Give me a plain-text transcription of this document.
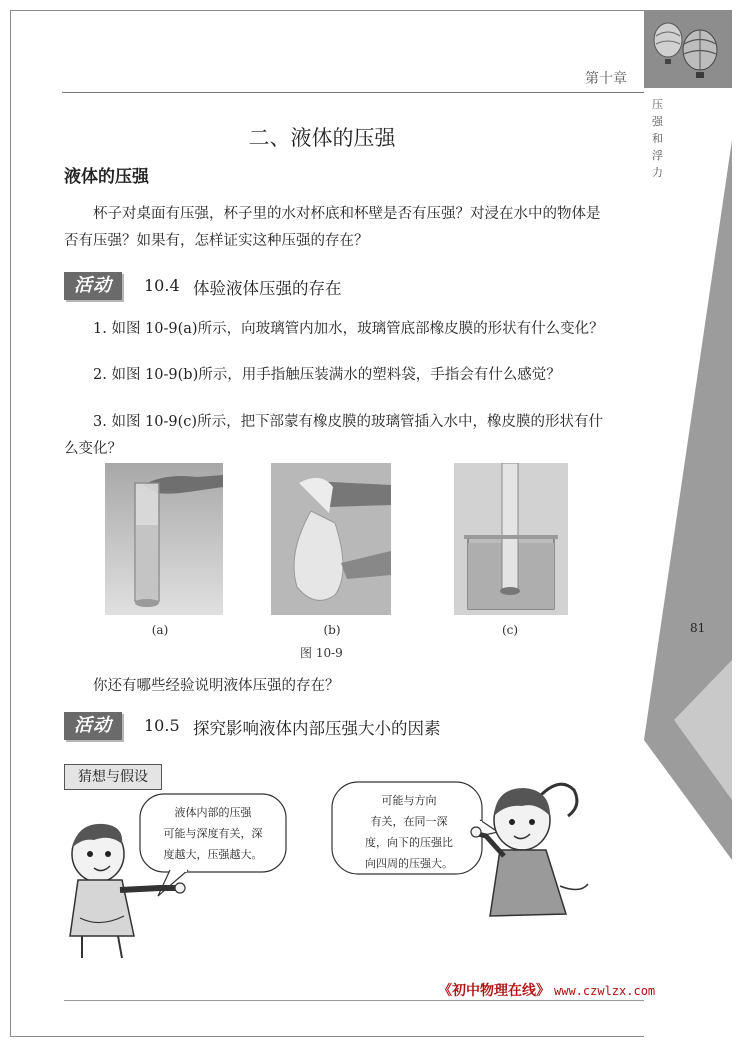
第十章
压强和浮力
81
二、液体的压强
液体的压强
杯子对桌面有压强，杯子里的水对杯底和杯壁是否有压强？对浸在水中的物体是否有压强？如果有，怎样证实这种压强的存在？
活动	10.4 体验液体压强的存在
1. 如图 10-9(a)所示，向玻璃管内加水，玻璃管底部橡皮膜的形状有什么变化？
2. 如图 10-9(b)所示，用手指触压装满水的塑料袋，手指会有什么感觉？
3. 如图 10-9(c)所示，把下部蒙有橡皮膜的玻璃管插入水中，橡皮膜的形状有什么变化？
(a)	(b)	(c)
图 10-9
你还有哪些经验说明液体压强的存在？
活动	10.5 探究影响液体内部压强大小的因素
猜想与假设
液体内部的压强
可能与深度有关，深
度越大，压强越大。
可能与方向
有关，在同一深
度，向下的压强比
向四周的压强大。
《初中物理在线》 www.czwlzx.com
